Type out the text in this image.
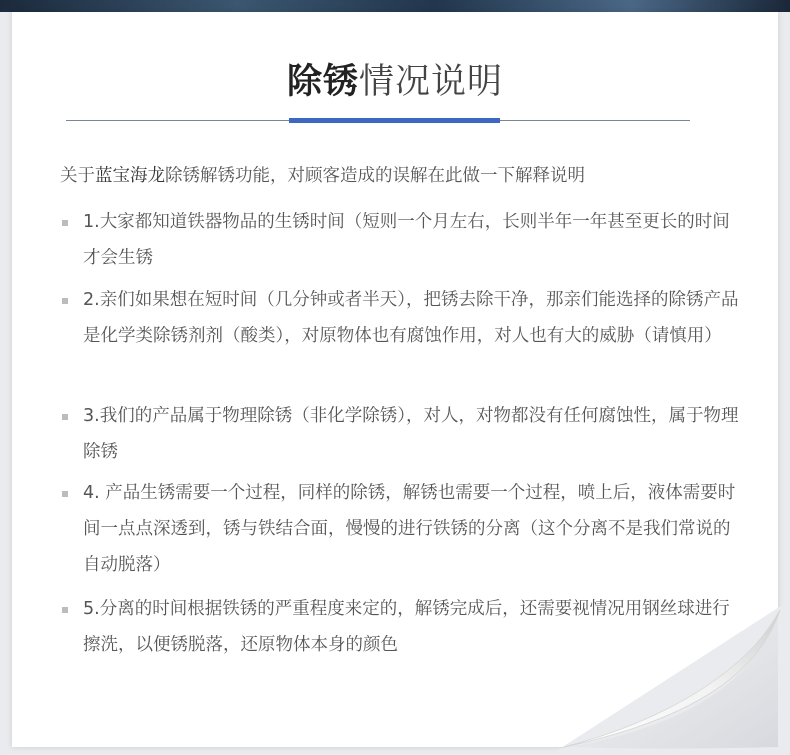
除锈情况说明
关于蓝宝海龙除锈解锈功能，对顾客造成的误解在此做一下解释说明
1.大家都知道铁器物品的生锈时间（短则一个月左右，长则半年一年甚至更长的时间才会生锈
2.亲们如果想在短时间（几分钟或者半天），把锈去除干净，那亲们能选择的除锈产品是化学类除锈剂剂（酸类），对原物体也有腐蚀作用，对人也有大的威胁（请慎用）
3.我们的产品属于物理除锈（非化学除锈），对人，对物都没有任何腐蚀性，属于物理除锈
4. 产品生锈需要一个过程，同样的除锈，解锈也需要一个过程，喷上后，液体需要时间一点点深透到，锈与铁结合面，慢慢的进行铁锈的分离（这个分离不是我们常说的自动脱落）
5.分离的时间根据铁锈的严重程度来定的，解锈完成后，还需要视情况用钢丝球进行擦洗，以便锈脱落，还原物体本身的颜色
